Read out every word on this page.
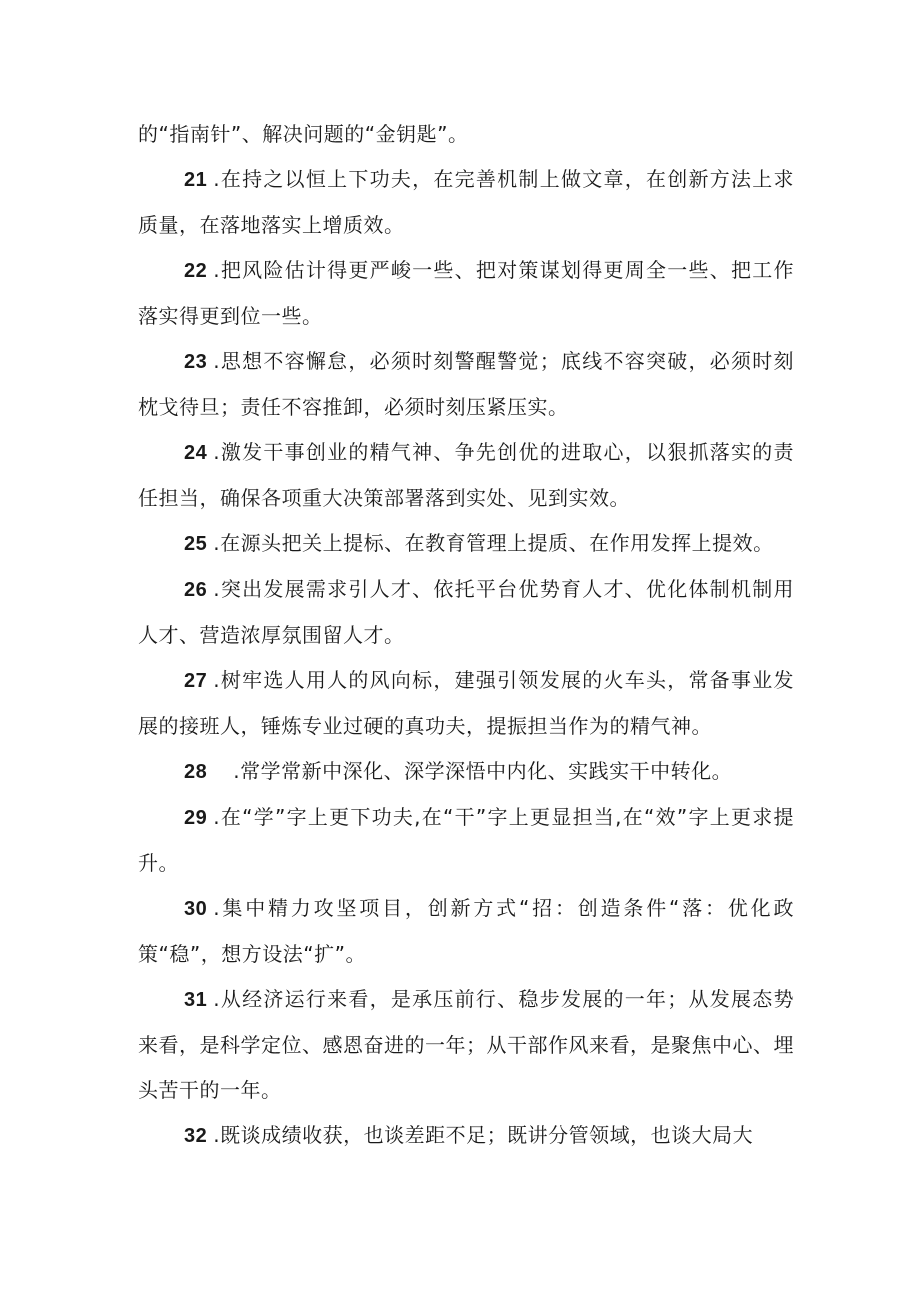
的“指南针”、解决问题的“金钥匙”。

21 .在持之以恒上下功夫，在完善机制上做文章，在创新方法上求质量，在落地落实上增质效。

22 .把风险估计得更严峻一些、把对策谋划得更周全一些、把工作落实得更到位一些。

23 .思想不容懈怠，必须时刻警醒警觉；底线不容突破，必须时刻枕戈待旦；责任不容推卸，必须时刻压紧压实。

24 .激发干事创业的精气神、争先创优的进取心，以狠抓落实的责任担当，确保各项重大决策部署落到实处、见到实效。

25 .在源头把关上提标、在教育管理上提质、在作用发挥上提效。

26 .突出发展需求引人才、依托平台优势育人才、优化体制机制用人才、营造浓厚氛围留人才。

27 .树牢选人用人的风向标，建强引领发展的火车头，常备事业发展的接班人，锤炼专业过硬的真功夫，提振担当作为的精气神。

28 .常学常新中深化、深学深悟中内化、实践实干中转化。

29 .在“学”字上更下功夫,在“干”字上更显担当,在“效”字上更求提升。

30 .集中精力攻坚项目，创新方式“招：创造条件“落：优化政策“稳”，想方设法“扩”。

31 .从经济运行来看，是承压前行、稳步发展的一年；从发展态势来看，是科学定位、感恩奋进的一年；从干部作风来看，是聚焦中心、埋头苦干的一年。

32 .既谈成绩收获，也谈差距不足；既讲分管领域，也谈大局大
